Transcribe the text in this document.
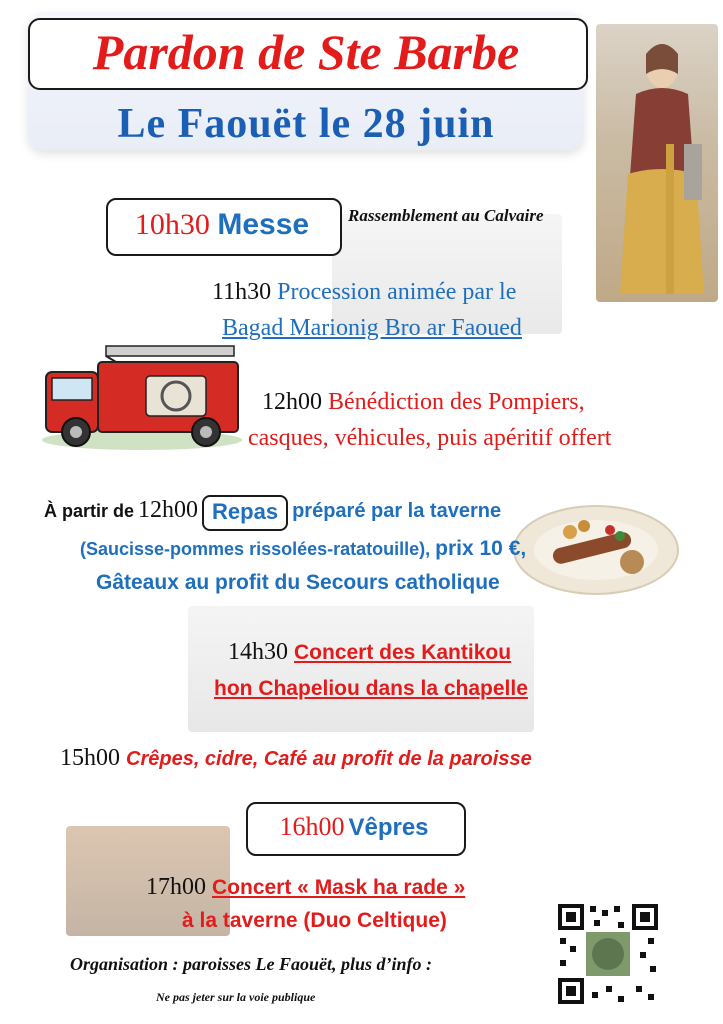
Pardon de Ste Barbe
Le Faouët le 28 juin
10h30 Messe	Rassemblement au Calvaire
11h30 Procession animée par le
Bagad Marionig Bro ar Faoued
12h00 Bénédiction des Pompiers,
casques, véhicules, puis apéritif offert
À partir de 12h00 Repas préparé par la taverne
(Saucisse-pommes rissolées-ratatouille), prix 10 €,
Gâteaux au profit du Secours catholique
14h30 Concert des Kantikou
hon Chapeliou dans la chapelle
15h00 Crêpes, cidre, Café au profit de la paroisse
16h00 Vêpres
17h00 Concert « Mask ha rade »
à la taverne (Duo Celtique)
Organisation : paroisses Le Faouët, plus d’info :
Ne pas jeter sur la voie publique
